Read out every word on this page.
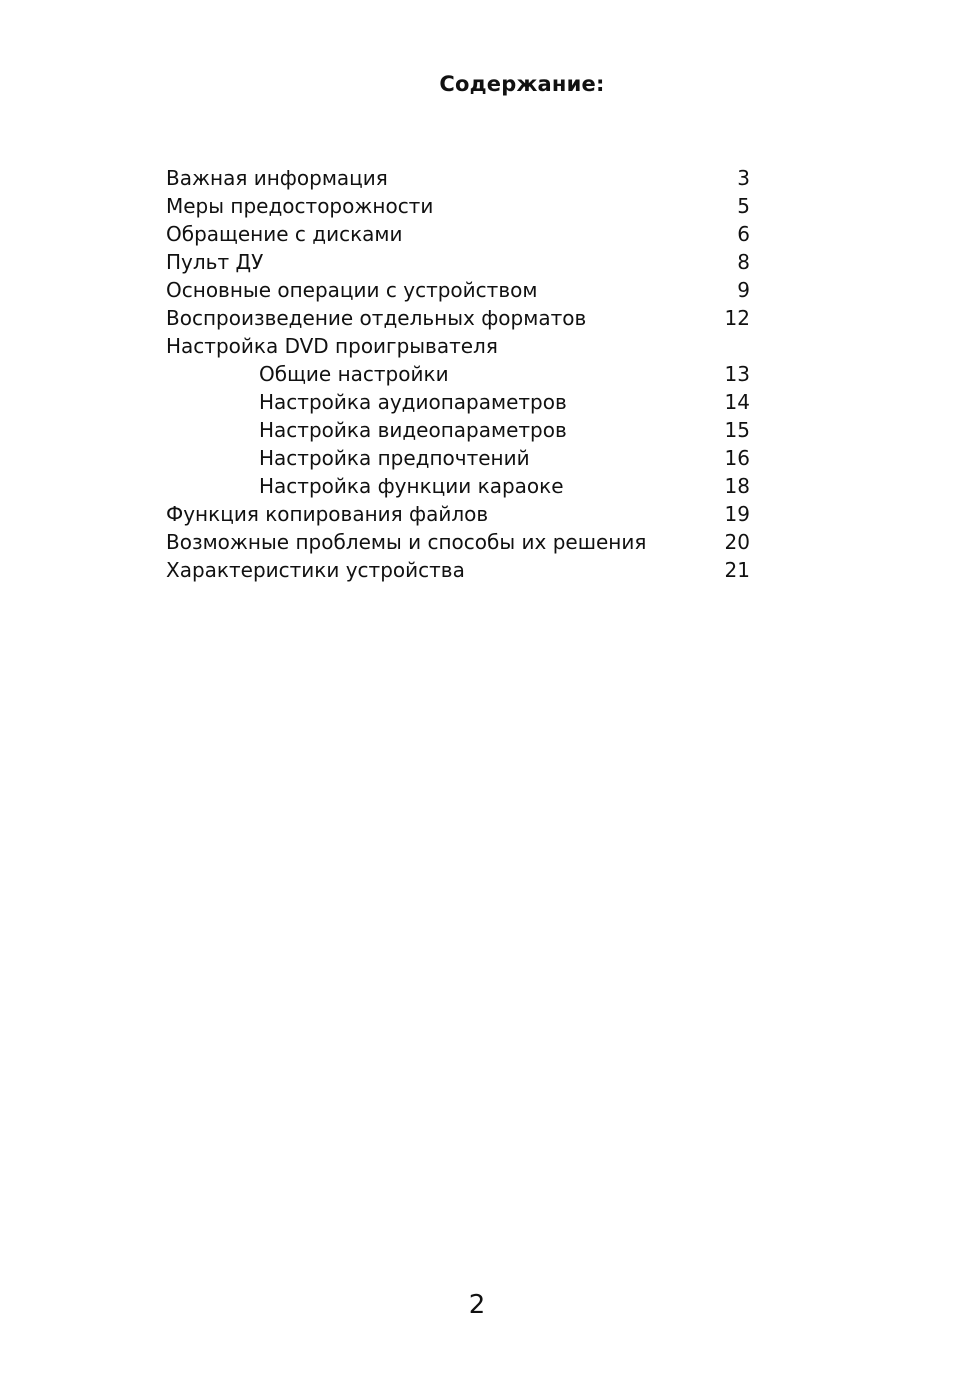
Содержание:
Важная информация	3
Меры предосторожности	5
Обращение с дисками	6
Пульт ДУ	8
Основные операции с устройством	9
Воспроизведение отдельных форматов	12
Настройка DVD проигрывателя
Общие настройки	13
Настройка аудиопараметров	14
Настройка видеопараметров	15
Настройка предпочтений	16
Настройка функции караоке	18
Функция копирования файлов	19
Возможные проблемы и способы их решения	20
Характеристики устройства	21
2
